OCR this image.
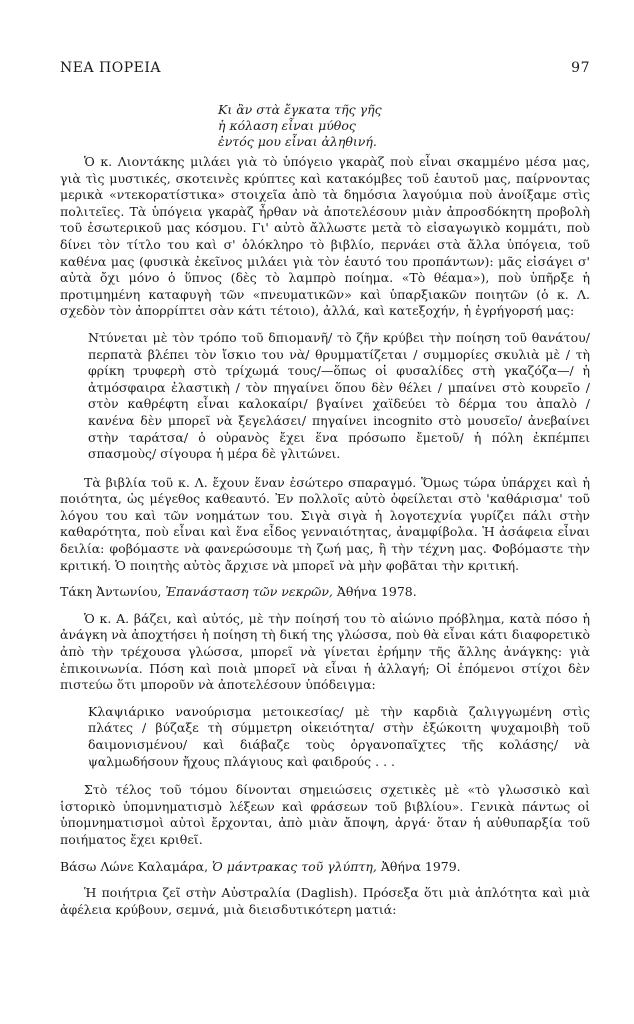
ΝΕΑ ΠΟΡΕΙΑ	97
Κι ἂν στὰ ἔγκατα τῆς γῆς
ἡ κόλαση εἶναι μύθος
ἐντός μου εἶναι ἀληθινή.

Ὁ κ. Λιοντάκης μιλάει γιὰ τὸ ὑπόγειο γκαρὰζ ποὺ εἶναι σκαμμένο μέσα μας, γιὰ τὶς μυστικές, σκοτεινὲς κρύπτες καὶ κατακόμβες τοῦ ἑαυτοῦ μας, παίρνοντας μερικὰ «ντεκορατίστικα» στοιχεῖα ἀπὸ τὰ δημόσια λαγούμια ποὺ ἀνοίξαμε στὶς πολιτεῖες. Τὰ ὑπόγεια γκαρὰζ ἦρθαν νὰ ἀποτελέσουν μιὰν ἀπροσδόκητη προβολὴ τοῦ ἐσωτερικοῦ μας κόσμου. Γι' αὐτὸ ἄλλωστε μετὰ τὸ εἰσαγωγικὸ κομμάτι, ποὺ δίνει τὸν τίτλο του καὶ σ' ὁλόκληρο τὸ βιβλίο, περνάει στὰ ἄλλα ὑπόγεια, τοῦ καθένα μας (φυσικὰ ἐκεῖνος μιλάει γιὰ τὸν ἑαυτό του προπάντων): μᾶς εἰσάγει σ' αὐτὰ ὄχι μόνο ὁ ὕπνος (δὲς τὸ λαμπρὸ ποίημα. «Τὸ θέαμα»), ποὺ ὑπῆρξε ἡ προτιμημένη καταφυγὴ τῶν «πνευματικῶν» καὶ ὑπαρξιακῶν ποιητῶν (ὁ κ. Λ. σχεδὸν τὸν ἀπορρίπτει σὰν κάτι τέτοιο), ἀλλά, καὶ κατεξοχήν, ἡ ἐγρήγορσή μας:

Ντύνεται μὲ τὸν τρόπο τοῦ δπιομανῆ/ τὸ ζῆν κρύβει τὴν ποίηση τοῦ θανάτου/ περπατὰ βλέπει τὸν ἴσκιο του νὰ/ θρυμματίζεται / συμμορίες σκυλιὰ μὲ / τὴ φρίκη τρυφερὴ στὸ τρίχωμά τους/—ὅπως οἱ φυσαλίδες στὴ γκαζόζα—/ ἡ ἀτμόσφαιρα ἐλαστικὴ / τὸν πηγαίνει ὅπου δὲν θέλει / μπαίνει στὸ κουρεῖο / στὸν καθρέφτη εἶναι καλοκαίρι/ βγαίνει χαϊδεύει τὸ δέρμα του ἀπαλὸ / κανένα δὲν μπορεῖ νὰ ξεγελάσει/ πηγαίνει incognito στὸ μουσεῖο/ ἀνεβαίνει στὴν ταράτσα/ ὁ οὐρανὸς ἔχει ἕνα πρόσωπο ἔμετοῦ/ ἡ πόλη ἐκπέμπει σπασμοὺς/ σίγουρα ἡ μέρα δὲ γλιτώνει.

Τὰ βιβλία τοῦ κ. Λ. ἔχουν ἕναν ἐσώτερο σπαραγμό. Ὅμως τώρα ὑπάρχει καὶ ἡ ποιότητα, ὡς μέγεθος καθεαυτό. Ἐν πολλοῖς αὐτὸ ὀφείλεται στὸ 'καθάρισμα' τοῦ λόγου του καὶ τῶν νοημάτων του. Σιγὰ σιγὰ ἡ λογοτεχνία γυρίζει πάλι στὴν καθαρότητα, ποὺ εἶναι καὶ ἕνα εἶδος γενναιότητας, ἀναμφίβολα. Ἡ ἀσάφεια εἶναι δειλία: φοβόμαστε νὰ φανερώσουμε τὴ ζωή μας, ἢ τὴν τέχνη μας. Φοβόμαστε τὴν κριτική. Ὁ ποιητὴς αὐτὸς ἄρχισε νὰ μπορεῖ νὰ μὴν φοβᾶται τὴν κριτική.

Τάκη Ἀντωνίου, Ἐπανάσταση τῶν νεκρῶν, Ἀθήνα 1978.

Ὁ κ. Α. βάζει, καὶ αὐτός, μὲ τὴν ποίησή του τὸ αἰώνιο πρόβλημα, κατὰ πόσο ἡ ἀνάγκη νὰ ἀποχτήσει ἡ ποίηση τὴ δική της γλώσσα, ποὺ θὰ εἶναι κάτι διαφορετικὸ ἀπὸ τὴν τρέχουσα γλώσσα, μπορεῖ νὰ γίνεται ἐρήμην τῆς ἄλλης ἀνάγκης: γιὰ ἐπικοινωνία. Πόση καὶ ποιὰ μπορεῖ νὰ εἶναι ἡ ἀλλαγή; Οἱ ἑπόμενοι στίχοι δὲν πιστεύω ὅτι μποροῦν νὰ ἀποτελέσουν ὑπόδειγμα:

Κλαψιάρικο νανούρισμα μετοικεσίας/ μὲ τὴν καρδιὰ ζαλιγγωμένη στὶς πλάτες / βύζαξε τὴ σύμμετρη οἰκειότητα/ στὴν ἐξώκοιτη ψυχαμοιβὴ τοῦ δαιμονισμένου/ καὶ διάβαζε τοὺς ὀργανοπαῖχτες τῆς κολάσης/ νὰ ψαλμωδήσουν ἤχους πλάγιους καὶ φαιδρούς . . .

Στὸ τέλος τοῦ τόμου δίνονται σημειώσεις σχετικὲς μὲ «τὸ γλωσσικὸ καὶ ἱστορικὸ ὑπομνηματισμὸ λέξεων καὶ φράσεων τοῦ βιβλίου». Γενικὰ πάντως οἱ ὑπομνηματισμοὶ αὐτοὶ ἔρχονται, ἀπὸ μιὰν ἄποψη, ἀργά· ὅταν ἡ αὐθυπαρξία τοῦ ποιήματος ἔχει κριθεῖ.

Βάσω Λώνε Καλαμάρα, Ὁ μάντρακας τοῦ γλύπτη, Ἀθήνα 1979.

Ἡ ποιήτρια ζεῖ στὴν Αὐστραλία (Daglish). Πρόσεξα ὅτι μιὰ ἁπλότητα καὶ μιὰ ἀφέλεια κρύβουν, σεμνά, μιὰ διεισδυτικότερη ματιά:
